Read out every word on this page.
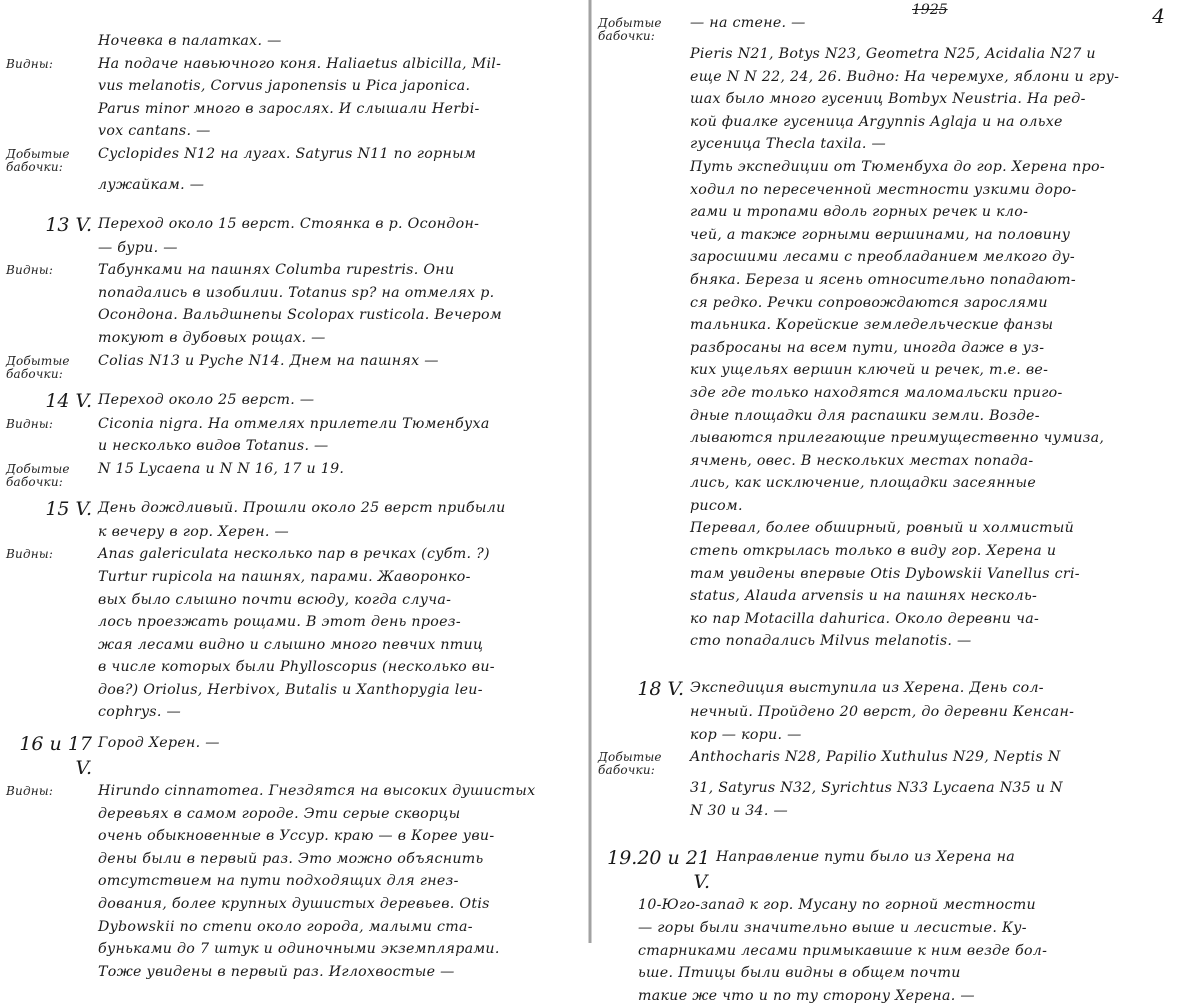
Ночевка в палатках. —
Видны:	На подаче навьючного коня. Haliaetus albicilla, Mil-
vus melanotis, Corvus japonensis и Pica japonica.
Parus minor много в зарослях. И слышали Herbi-
vox cantans. —
Добытые бабочки:
Cyclopides N12 на лугах. Satyrus N11 по горным
лужайкам. —
13 V. Переход около 15 верст. Стоянка в р. Осондон-
— бури. —
Видны:	Табунками на пашнях Columba rupestris. Они
попадались в изобилии. Totanus sp? на отмелях р.
Осондона. Вальдшнепы Scolopax rusticola. Вечером
токуют в дубовых рощах. —
Добытые бабочки:
Colias N13 и Pyche N14. Днем на пашнях —
14 V. Переход около 25 верст. —
Видны:	Ciconia nigra. На отмелях прилетели Тюменбуха
и несколько видов Totanus. —
Добытые бабочки:
N 15 Lycaena и N N 16, 17 и 19.
15 V. День дождливый. Прошли около 25 верст прибыли
к вечеру в гор. Херен. —
Видны:	Anas galericulata несколько пар в речках (субт. ?)
Turtur rupicola на пашнях, парами. Жаворонко-
вых было слышно почти всюду, когда случа-
лось проезжать рощами. В этот день проез-
жая лесами видно и слышно много певчих птиц
в числе которых были Phylloscopus (несколько ви-
дов?) Oriolus, Herbivox, Butalis и Xanthopygia leu-
cophrys. —
16 и 17 V.
Город Херен. —
Видны:	Hirundo cinnamomea. Гнездятся на высоких душистых
деревьях в самом городе. Эти серые скворцы
очень обыкновенные в Уссур. краю — в Корее уви-
дены были в первый раз. Это можно объяснить
отсутствием на пути подходящих для гнез-
дования, более крупных душистых деревьев. Otis
Dybowskii по степи около города, малыми ста-
буньками до 7 штук и одиночными экземплярами.
Тоже увидены в первый раз. Иглохвостые —
1925	4
Добытые бабочки:
— на стене. —
Pieris N21, Botys N23, Geometra N25, Acidalia N27 и
еще N N 22, 24, 26. Видно: На черемухе, яблони и гру-
шах было много гусениц Bombyx Neustria. На ред-
кой фиалке гусеница Argynnis Aglaja и на ольхе
гусеница Thecla taxila. —
Путь экспедиции от Тюменбуха до гор. Херена про-
ходил по пересеченной местности узкими доро-
гами и тропами вдоль горных речек и кло-
чей, а также горными вершинами, на половину
заросшими лесами с преобладанием мелкого ду-
бняка. Береза и ясень относительно попадают-
ся редко. Речки сопровождаются зарослями
тальника. Корейские земледельческие фанзы
разбросаны на всем пути, иногда даже в уз-
ких ущельях вершин ключей и речек, т.е. ве-
зде где только находятся маломальски приго-
дные площадки для распашки земли. Возде-
лываются прилегающие преимущественно чумиза,
ячмень, овес. В нескольких местах попада-
лись, как исключение, площадки засеянные
рисом.
Перевал, более обширный, ровный и холмистый
степь открылась только в виду гор. Херена и
там увидены впервые Otis Dybowskii Vanellus cri-
status, Alauda arvensis и на пашнях несколь-
ко пар Motacilla dahurica. Около деревни ча-
сто попадались Milvus melanotis. —
18 V. Экспедиция выступила из Херена. День сол-
нечный. Пройдено 20 верст, до деревни Кенсан-
кор — кори. —
Добытые бабочки:
Anthocharis N28, Papilio Xuthulus N29, Neptis N
31, Satyrus N32, Syrichtus N33 Lycaena N35 и N
N 30 и 34. —
19.20 и 21 V.
Направление пути было из Херена на
10-Юго-запад к гор. Мусану по горной местности
— горы были значительно выше и лесистые. Ку-
старниками лесами примыкавшие к ним везде бол-
ьше. Птицы были видны в общем почти
такие же что и по ту сторону Херена. —
